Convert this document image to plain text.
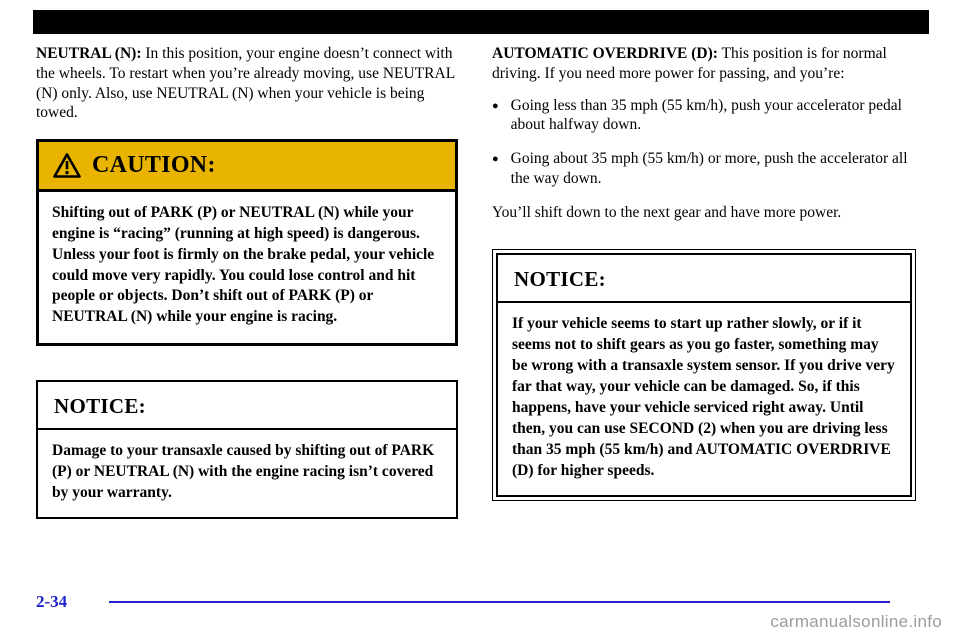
NEUTRAL (N): In this position, your engine doesn’t connect with the wheels. To restart when you’re already moving, use NEUTRAL (N) only. Also, use NEUTRAL (N) when your vehicle is being towed.

CAUTION:
Shifting out of PARK (P) or NEUTRAL (N) while your engine is “racing” (running at high speed) is dangerous. Unless your foot is firmly on the brake pedal, your vehicle could move very rapidly. You could lose control and hit people or objects. Don’t shift out of PARK (P) or NEUTRAL (N) while your engine is racing.
NOTICE:
Damage to your transaxle caused by shifting out of PARK (P) or NEUTRAL (N) with the engine racing isn’t covered by your warranty.

AUTOMATIC OVERDRIVE (D): This position is for normal driving. If you need more power for passing, and you’re:

● Going less than 35 mph (55 km/h), push your accelerator pedal about halfway down.
● Going about 35 mph (55 km/h) or more, push the accelerator all the way down.

You’ll shift down to the next gear and have more power.

NOTICE:
If your vehicle seems to start up rather slowly, or if it seems not to shift gears as you go faster, something may be wrong with a transaxle system sensor. If you drive very far that way, your vehicle can be damaged. So, if this happens, have your vehicle serviced right away. Until then, you can use SECOND (2) when you are driving less than 35 mph (55 km/h) and AUTOMATIC OVERDRIVE (D) for higher speeds.
2-34
carmanualsonline.info
